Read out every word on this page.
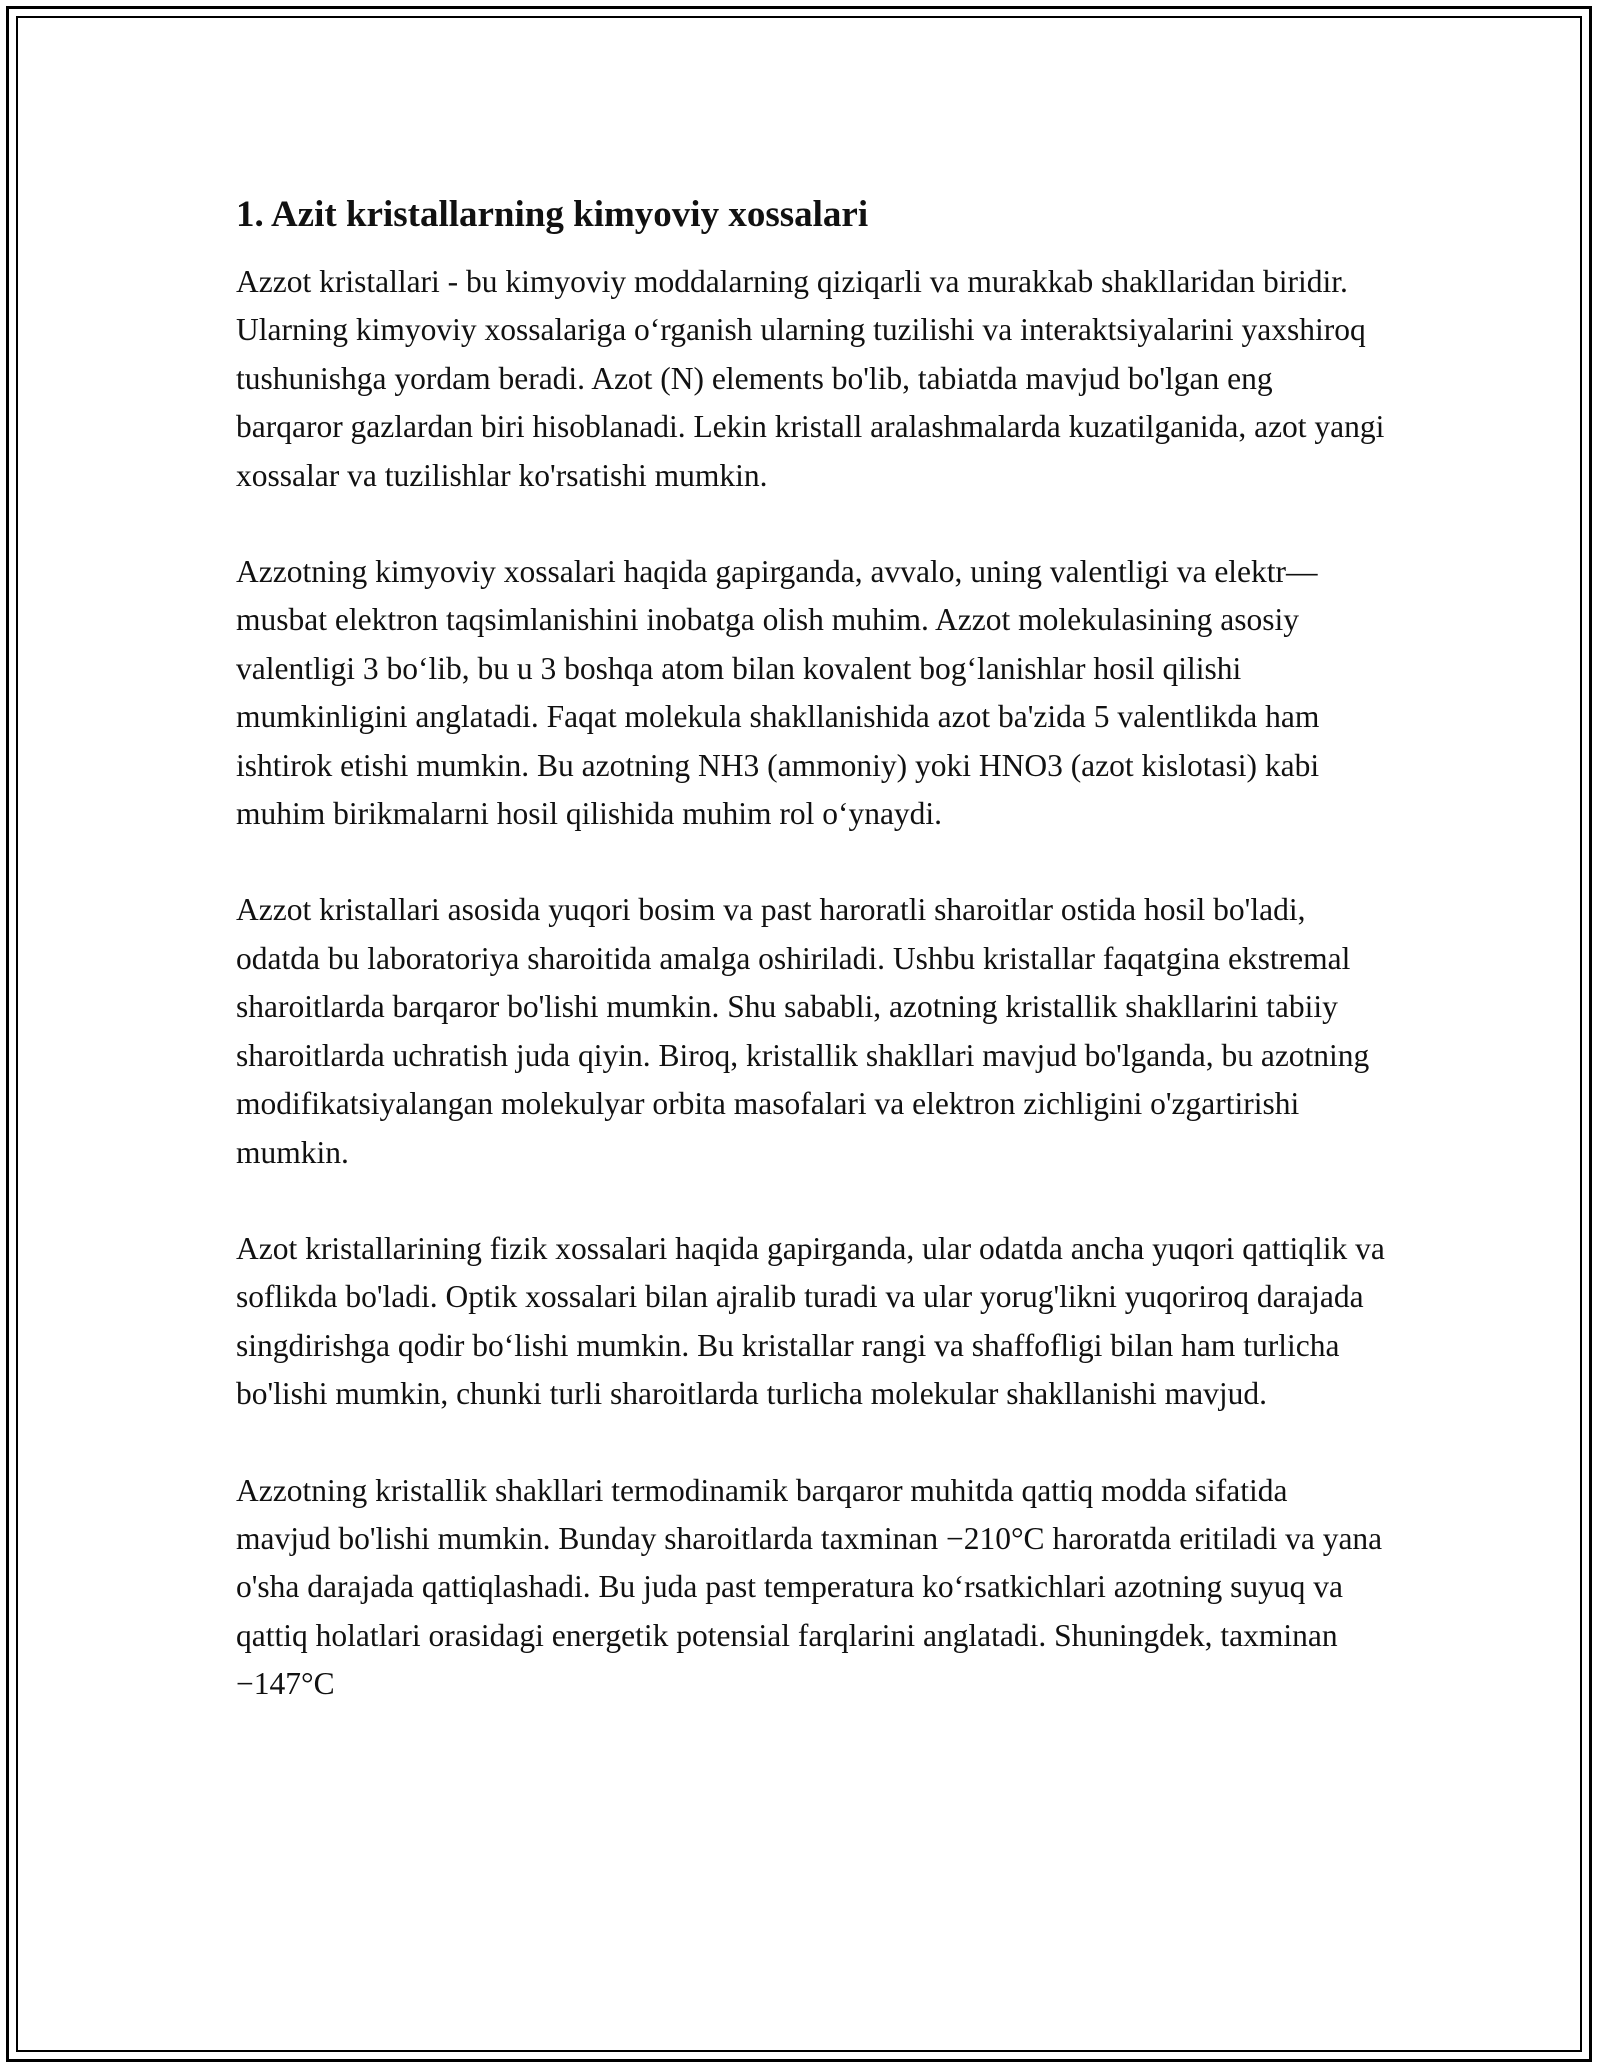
1. Azit kristallarning kimyoviy xossalari

Azzot kristallari - bu kimyoviy moddalarning qiziqarli va murakkab shakllaridan biridir. Ularning kimyoviy xossalariga o‘rganish ularning tuzilishi va interaktsiyalarini yaxshiroq tushunishga yordam beradi. Azot (N) elements bo'lib, tabiatda mavjud bo'lgan eng barqaror gazlardan biri hisoblanadi. Lekin kristall aralashmalarda kuzatilganida, azot yangi xossalar va tuzilishlar ko'rsatishi mumkin.

Azzotning kimyoviy xossalari haqida gapirganda, avvalo, uning valentligi va elektr—musbat elektron taqsimlanishini inobatga olish muhim. Azzot molekulasining asosiy valentligi 3 bo‘lib, bu u 3 boshqa atom bilan kovalent bog‘lanishlar hosil qilishi mumkinligini anglatadi. Faqat molekula shakllanishida azot ba'zida 5 valentlikda ham ishtirok etishi mumkin. Bu azotning NH3 (ammoniy) yoki HNO3 (azot kislotasi) kabi muhim birikmalarni hosil qilishida muhim rol o‘ynaydi.

Azzot kristallari asosida yuqori bosim va past haroratli sharoitlar ostida hosil bo'ladi, odatda bu laboratoriya sharoitida amalga oshiriladi. Ushbu kristallar faqatgina ekstremal sharoitlarda barqaror bo'lishi mumkin. Shu sababli, azotning kristallik shakllarini tabiiy sharoitlarda uchratish juda qiyin. Biroq, kristallik shakllari mavjud bo'lganda, bu azotning modifikatsiyalangan molekulyar orbita masofalari va elektron zichligini o'zgartirishi mumkin.

Azot kristallarining fizik xossalari haqida gapirganda, ular odatda ancha yuqori qattiqlik va soflikda bo'ladi. Optik xossalari bilan ajralib turadi va ular yorug'likni yuqoriroq darajada singdirishga qodir bo‘lishi mumkin. Bu kristallar rangi va shaffofligi bilan ham turlicha bo'lishi mumkin, chunki turli sharoitlarda turlicha molekular shakllanishi mavjud.

Azzotning kristallik shakllari termodinamik barqaror muhitda qattiq modda sifatida mavjud bo'lishi mumkin. Bunday sharoitlarda taxminan −210°C haroratda eritiladi va yana o'sha darajada qattiqlashadi. Bu juda past temperatura ko‘rsatkichlari azotning suyuq va qattiq holatlari orasidagi energetik potensial farqlarini anglatadi. Shuningdek, taxminan −147°C
